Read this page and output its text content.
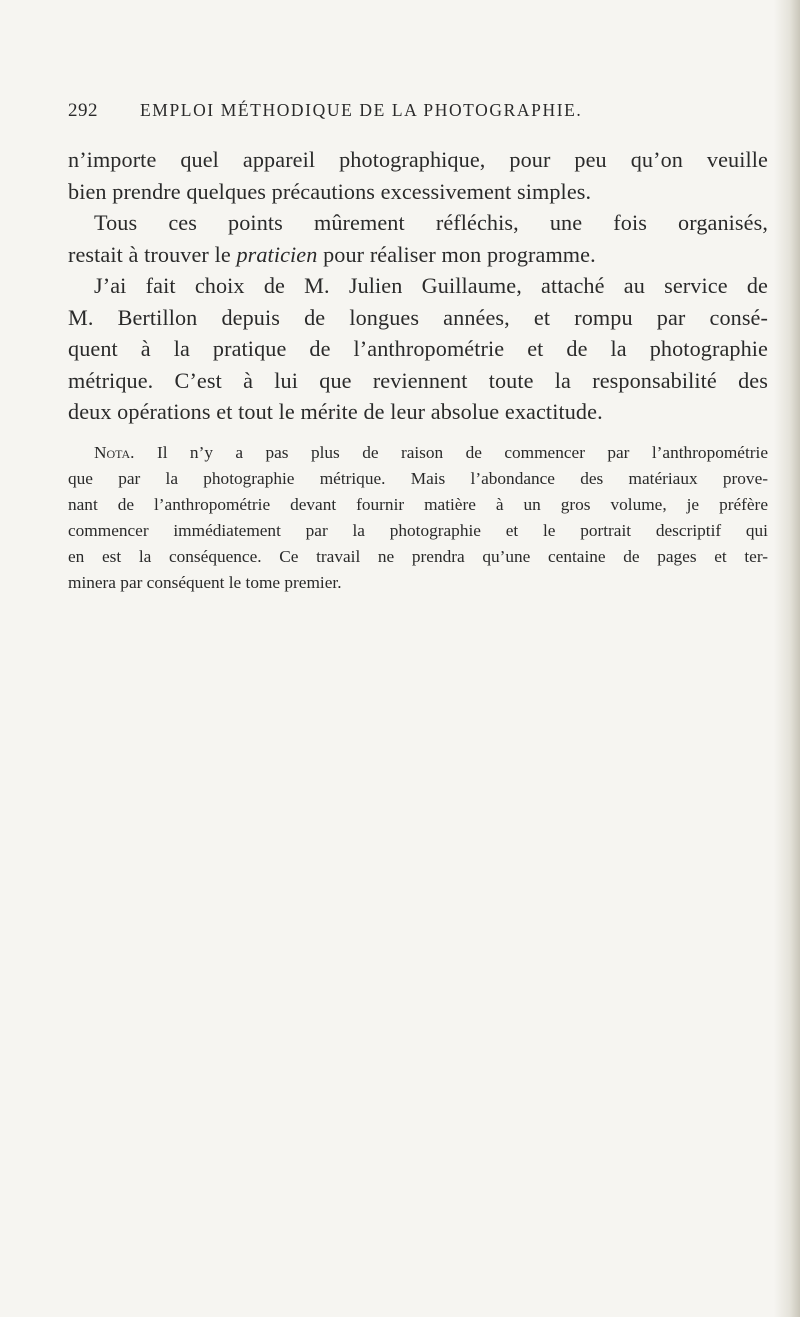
292	EMPLOI MÉTHODIQUE DE LA PHOTOGRAPHIE.
n’importe quel appareil photographique, pour peu qu’on veuille
bien prendre quelques précautions excessivement simples.
Tous ces points mûrement réfléchis, une fois organisés,
restait à trouver le praticien pour réaliser mon programme.
J’ai fait choix de M. Julien Guillaume, attaché au service de
M. Bertillon depuis de longues années, et rompu par consé-
quent à la pratique de l’anthropométrie et de la photographie
métrique. C’est à lui que reviennent toute la responsabilité des
deux opérations et tout le mérite de leur absolue exactitude.
Nota. Il n’y a pas plus de raison de commencer par l’anthropométrie
que par la photographie métrique. Mais l’abondance des matériaux prove-
nant de l’anthropométrie devant fournir matière à un gros volume, je préfère
commencer immédiatement par la photographie et le portrait descriptif qui
en est la conséquence. Ce travail ne prendra qu’une centaine de pages et ter-
minera par conséquent le tome premier.
